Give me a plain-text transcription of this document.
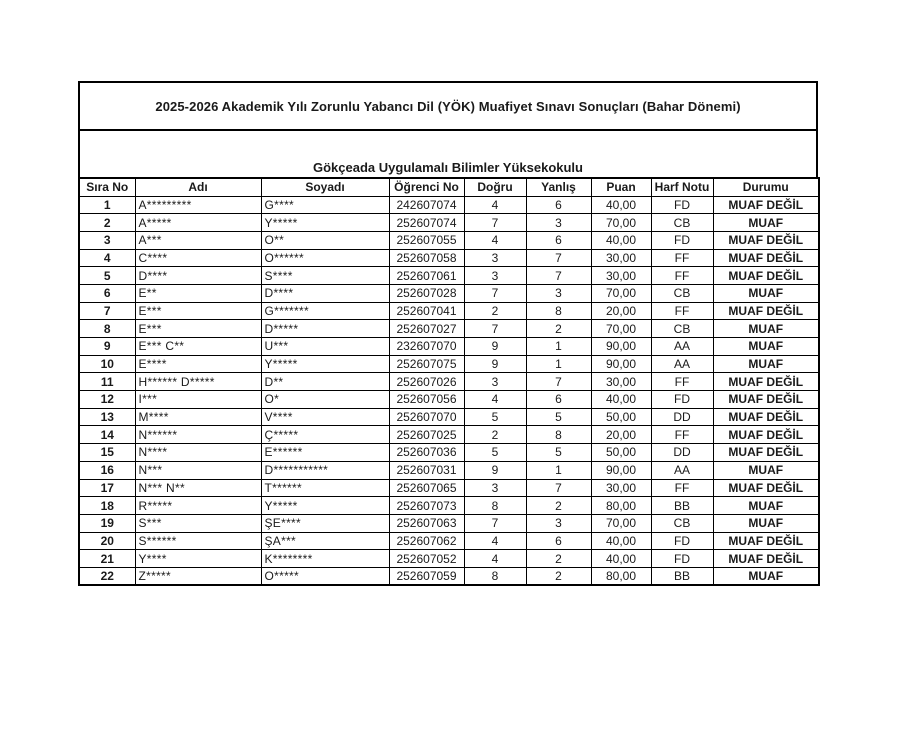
2025-2026 Akademik Yılı Zorunlu Yabancı Dil (YÖK) Muafiyet Sınavı Sonuçları (Bahar Dönemi)
Gökçeada Uygulamalı Bilimler Yüksekokulu
Sıra No	Adı	Soyadı	Öğrenci No	Doğru	Yanlış	Puan	Harf Notu	Durumu
1	A*********	G****	242607074	4	6	40,00	FD	MUAF DEĞİL
2	A*****	Y*****	252607074	7	3	70,00	CB	MUAF
3	A***	O**	252607055	4	6	40,00	FD	MUAF DEĞİL
4	C****	O******	252607058	3	7	30,00	FF	MUAF DEĞİL
5	D****	S****	252607061	3	7	30,00	FF	MUAF DEĞİL
6	E**	D****	252607028	7	3	70,00	CB	MUAF
7	E***	G*******	252607041	2	8	20,00	FF	MUAF DEĞİL
8	E***	D*****	252607027	7	2	70,00	CB	MUAF
9	E*** C**	U***	232607070	9	1	90,00	AA	MUAF
10	E****	Y*****	252607075	9	1	90,00	AA	MUAF
11	H****** D*****	D**	252607026	3	7	30,00	FF	MUAF DEĞİL
12	I***	O*	252607056	4	6	40,00	FD	MUAF DEĞİL
13	M****	V****	252607070	5	5	50,00	DD	MUAF DEĞİL
14	N******	Ç*****	252607025	2	8	20,00	FF	MUAF DEĞİL
15	N****	E******	252607036	5	5	50,00	DD	MUAF DEĞİL
16	N***	D***********	252607031	9	1	90,00	AA	MUAF
17	N*** N**	T******	252607065	3	7	30,00	FF	MUAF DEĞİL
18	R*****	Y*****	252607073	8	2	80,00	BB	MUAF
19	S***	ŞE****	252607063	7	3	70,00	CB	MUAF
20	S******	ŞA***	252607062	4	6	40,00	FD	MUAF DEĞİL
21	Y****	K********	252607052	4	2	40,00	FD	MUAF DEĞİL
22	Z*****	O*****	252607059	8	2	80,00	BB	MUAF
